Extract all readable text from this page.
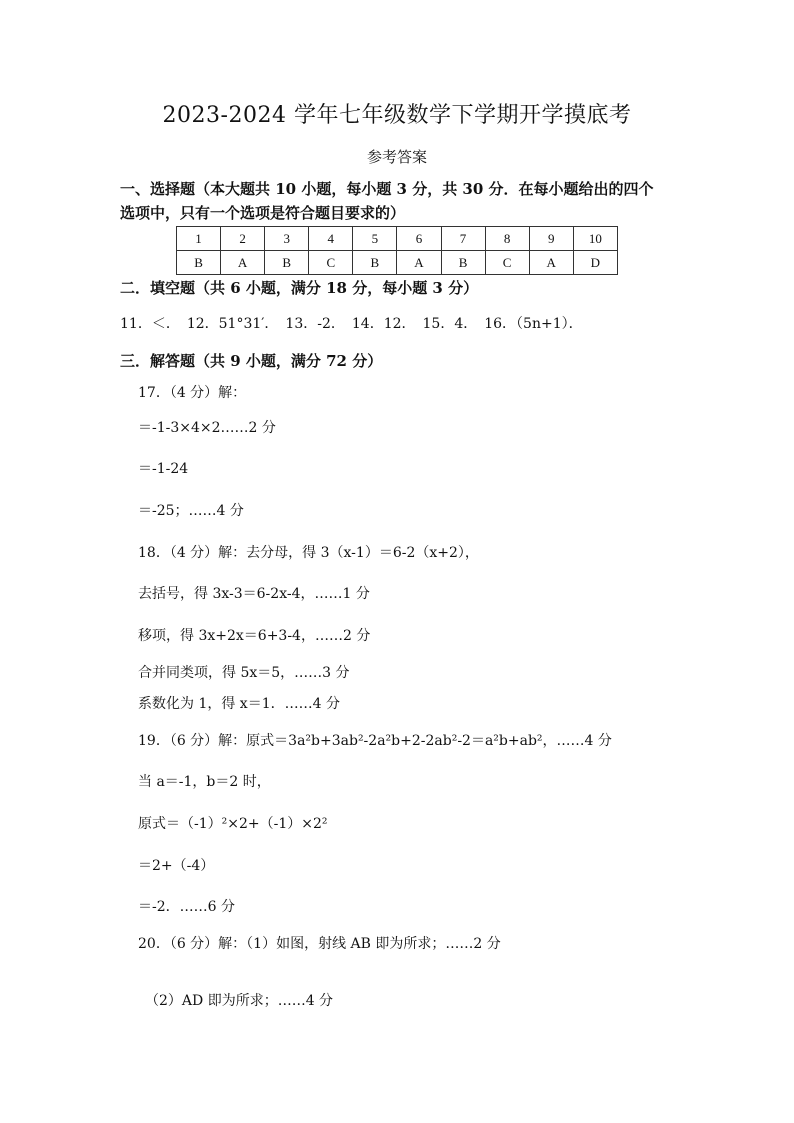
2023-2024 学年七年级数学下学期开学摸底考
参考答案
一、选择题（本大题共 10 小题，每小题 3 分，共 30 分．在每小题给出的四个
选项中，只有一个选项是符合题目要求的）
1	2	3	4	5	6	7	8	9	10
B	A	B	C	B	A	B	C	A	D
二．填空题（共 6 小题，满分 18 分，每小题 3 分）
11．＜．　12．51°31′．　13．-2．　14．12．　15．4．　16．（5n+1）．
三．解答题（共 9 小题，满分 72 分）
17．（4 分）解：
＝-1-3×4×2……2 分
＝-1-24
＝-25；……4 分
18．（4 分）解：去分母，得 3（x-1）＝6-2（x+2），
去括号，得 3x-3＝6-2x-4，……1 分
移项，得 3x+2x＝6+3-4，……2 分
合并同类项，得 5x＝5，……3 分
系数化为 1，得 x＝1．……4 分
19．（6 分）解：原式＝3a²b+3ab²-2a²b+2-2ab²-2＝a²b+ab²，……4 分
当 a＝-1，b＝2 时，
原式＝（-1）²×2+（-1）×2²
＝2+（-4）
＝-2．……6 分
20．（6 分）解：（1）如图，射线 AB 即为所求；……2 分
（2）AD 即为所求；……4 分
